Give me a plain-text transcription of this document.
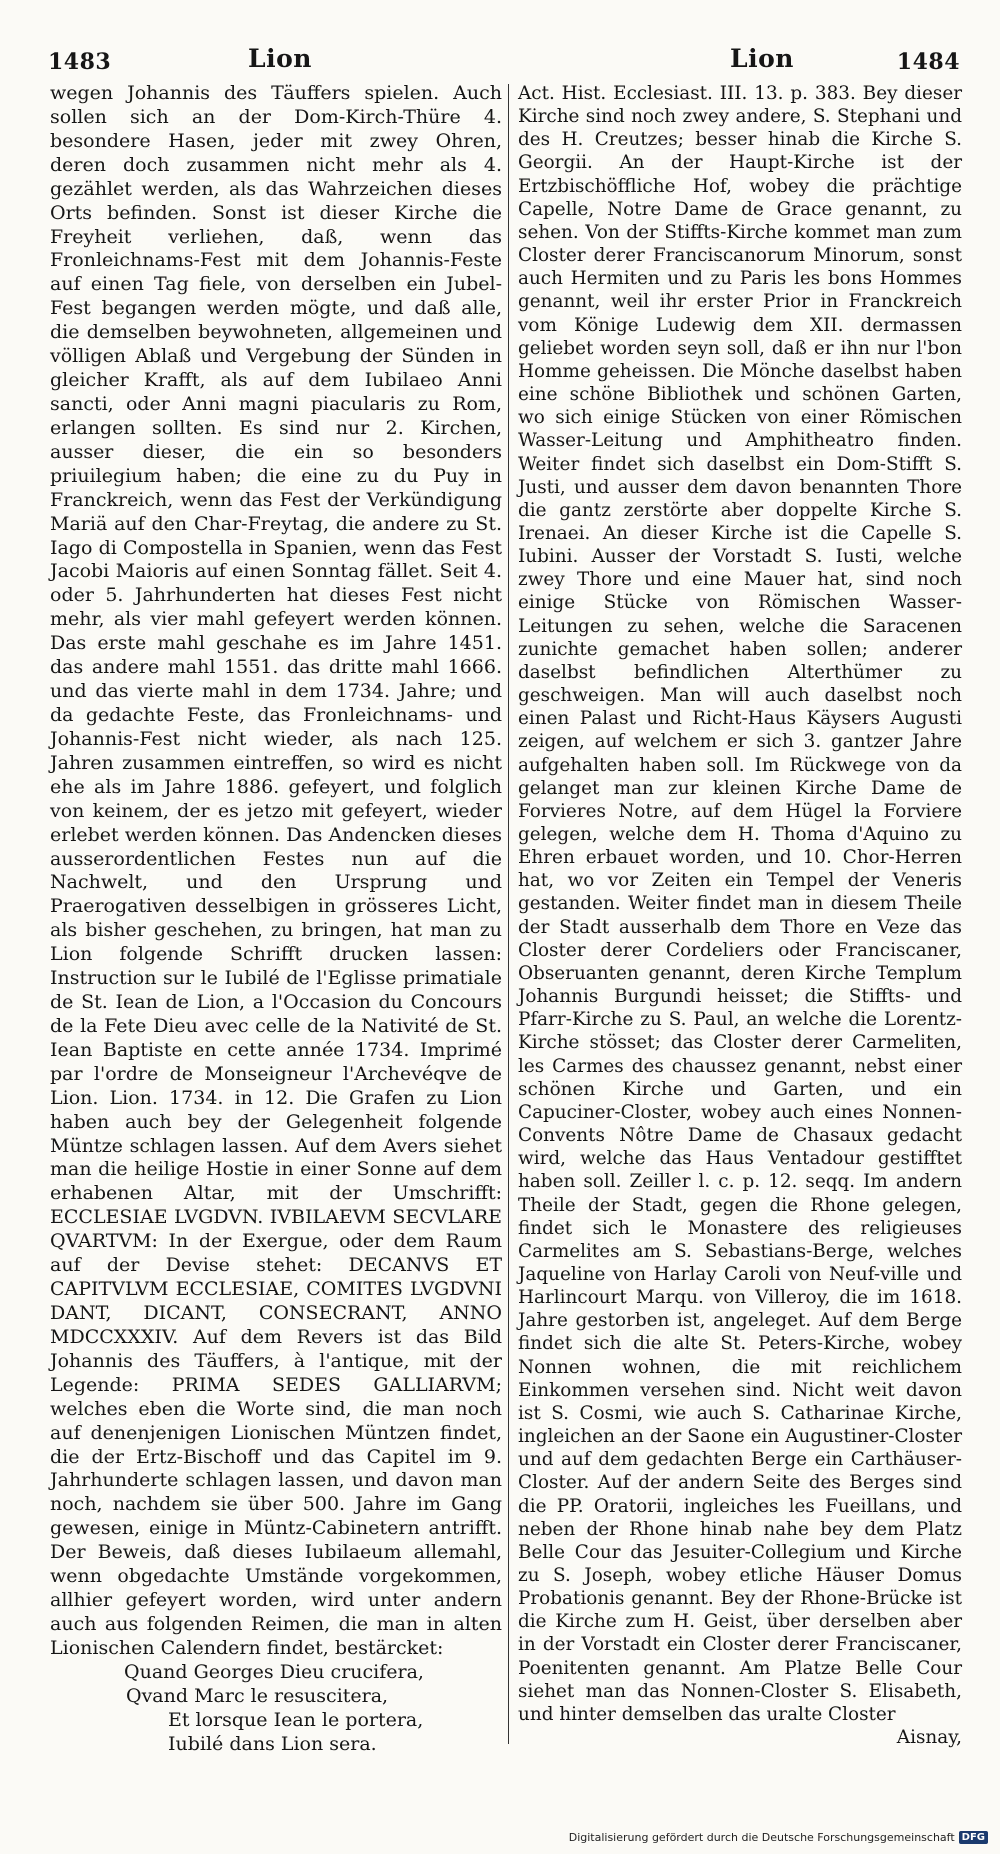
1483	Lion	Lion	1484

wegen Johannis des Täuffers spielen. Auch sollen sich an der Dom-Kirch-Thüre 4. besondere Hasen, jeder mit zwey Ohren, deren doch zusammen nicht mehr als 4. gezählet werden, als das Wahrzeichen dieses Orts befinden. Sonst ist dieser Kirche die Freyheit verliehen, daß, wenn das Fronleichnams-Fest mit dem Johannis-Feste auf einen Tag fiele, von derselben ein Jubel-Fest begangen werden mögte, und daß alle, die demselben beywohneten, allgemeinen und völligen Ablaß und Vergebung der Sünden in gleicher Krafft, als auf dem Iubilaeo Anni sancti, oder Anni magni piacularis zu Rom, erlangen sollten. Es sind nur 2. Kirchen, ausser dieser, die ein so besonders priuilegium haben; die eine zu du Puy in Franckreich, wenn das Fest der Verkündigung Mariä auf den Char-Freytag, die andere zu St. Iago di Compostella in Spanien, wenn das Fest Jacobi Maioris auf einen Sonntag fället. Seit 4. oder 5. Jahrhunderten hat dieses Fest nicht mehr, als vier mahl gefeyert werden können. Das erste mahl geschahe es im Jahre 1451. das andere mahl 1551. das dritte mahl 1666. und das vierte mahl in dem 1734. Jahre; und da gedachte Feste, das Fronleichnams- und Johannis-Fest nicht wieder, als nach 125. Jahren zusammen eintreffen, so wird es nicht ehe als im Jahre 1886. gefeyert, und folglich von keinem, der es jetzo mit gefeyert, wieder erlebet werden können. Das Andencken dieses ausserordentlichen Festes nun auf die Nachwelt, und den Ursprung und Praerogativen desselbigen in grösseres Licht, als bisher geschehen, zu bringen, hat man zu Lion folgende Schrifft drucken lassen: Instruction sur le Iubilé de l'Eglisse primatiale de St. Iean de Lion, a l'Occasion du Concours de la Fete Dieu avec celle de la Nativité de St. Iean Baptiste en cette année 1734. Imprimé par l'ordre de Monseigneur l'Archevéqve de Lion. Lion. 1734. in 12. Die Grafen zu Lion haben auch bey der Gelegenheit folgende Müntze schlagen lassen. Auf dem Avers siehet man die heilige Hostie in einer Sonne auf dem erhabenen Altar, mit der Umschrifft: ECCLESIAE LVGDVN. IVBILAEVM SECVLARE QVARTVM: In der Exergue, oder dem Raum auf der Devise stehet: DECANVS ET CAPITVLVM ECCLESIAE, COMITES LVGDVNI DANT, DICANT, CONSECRANT, ANNO MDCCXXXIV. Auf dem Revers ist das Bild Johannis des Täuffers, à l'antique, mit der Legende: PRIMA SEDES GALLIARVM; welches eben die Worte sind, die man noch auf denenjenigen Lionischen Müntzen findet, die der Ertz-Bischoff und das Capitel im 9. Jahrhunderte schlagen lassen, und davon man noch, nachdem sie über 500. Jahre im Gang gewesen, einige in Müntz-Cabinetern antrifft. Der Beweis, daß dieses Iubilaeum allemahl, wenn obgedachte Umstände vorgekommen, allhier gefeyert worden, wird unter andern auch aus folgenden Reimen, die man in alten Lionischen Calendern findet, bestärcket:

Quand Georges Dieu crucifera,
Qvand Marc le resuscitera,
Et lorsque Iean le portera,
Iubilé dans Lion sera.

Act. Hist. Ecclesiast. III. 13. p. 383. Bey dieser Kirche sind noch zwey andere, S. Stephani und des H. Creutzes; besser hinab die Kirche S. Georgii. An der Haupt-Kirche ist der Ertzbischöffliche Hof, wobey die prächtige Capelle, Notre Dame de Grace genannt, zu sehen. Von der Stiffts-Kirche kommet man zum Closter derer Franciscanorum Minorum, sonst auch Hermiten und zu Paris les bons Hommes genannt, weil ihr erster Prior in Franckreich vom Könige Ludewig dem XII. dermassen geliebet worden seyn soll, daß er ihn nur l'bon Homme geheissen. Die Mönche daselbst haben eine schöne Bibliothek und schönen Garten, wo sich einige Stücken von einer Römischen Wasser-Leitung und Amphitheatro finden. Weiter findet sich daselbst ein Dom-Stifft S. Justi, und ausser dem davon benannten Thore die gantz zerstörte aber doppelte Kirche S. Irenaei. An dieser Kirche ist die Capelle S. Iubini. Ausser der Vorstadt S. Iusti, welche zwey Thore und eine Mauer hat, sind noch einige Stücke von Römischen Wasser-Leitungen zu sehen, welche die Saracenen zunichte gemachet haben sollen; anderer daselbst befindlichen Alterthümer zu geschweigen. Man will auch daselbst noch einen Palast und Richt-Haus Käysers Augusti zeigen, auf welchem er sich 3. gantzer Jahre aufgehalten haben soll. Im Rückwege von da gelanget man zur kleinen Kirche Dame de Forvieres Notre, auf dem Hügel la Forviere gelegen, welche dem H. Thoma d'Aquino zu Ehren erbauet worden, und 10. Chor-Herren hat, wo vor Zeiten ein Tempel der Veneris gestanden. Weiter findet man in diesem Theile der Stadt ausserhalb dem Thore en Veze das Closter derer Cordeliers oder Franciscaner, Obseruanten genannt, deren Kirche Templum Johannis Burgundi heisset; die Stiffts- und Pfarr-Kirche zu S. Paul, an welche die Lorentz-Kirche stösset; das Closter derer Carmeliten, les Carmes des chaussez genannt, nebst einer schönen Kirche und Garten, und ein Capuciner-Closter, wobey auch eines Nonnen-Convents Nôtre Dame de Chasaux gedacht wird, welche das Haus Ventadour gestifftet haben soll. Zeiller l. c. p. 12. seqq. Im andern Theile der Stadt, gegen die Rhone gelegen, findet sich le Monastere des religieuses Carmelites am S. Sebastians-Berge, welches Jaqueline von Harlay Caroli von Neuf-ville und Harlincourt Marqu. von Villeroy, die im 1618. Jahre gestorben ist, angeleget. Auf dem Berge findet sich die alte St. Peters-Kirche, wobey Nonnen wohnen, die mit reichlichem Einkommen versehen sind. Nicht weit davon ist S. Cosmi, wie auch S. Catharinae Kirche, ingleichen an der Saone ein Augustiner-Closter und auf dem gedachten Berge ein Carthäuser-Closter. Auf der andern Seite des Berges sind die PP. Oratorii, ingleiches les Fueillans, und neben der Rhone hinab nahe bey dem Platz Belle Cour das Jesuiter-Collegium und Kirche zu S. Joseph, wobey etliche Häuser Domus Probationis genannt. Bey der Rhone-Brücke ist die Kirche zum H. Geist, über derselben aber in der Vorstadt ein Closter derer Franciscaner, Poenitenten genannt. Am Platze Belle Cour siehet man das Nonnen-Closter S. Elisabeth, und hinter demselben das uralte Closter

Aisnay,

Digitalisierung gefördert durch die Deutsche Forschungsgemeinschaft DFG
